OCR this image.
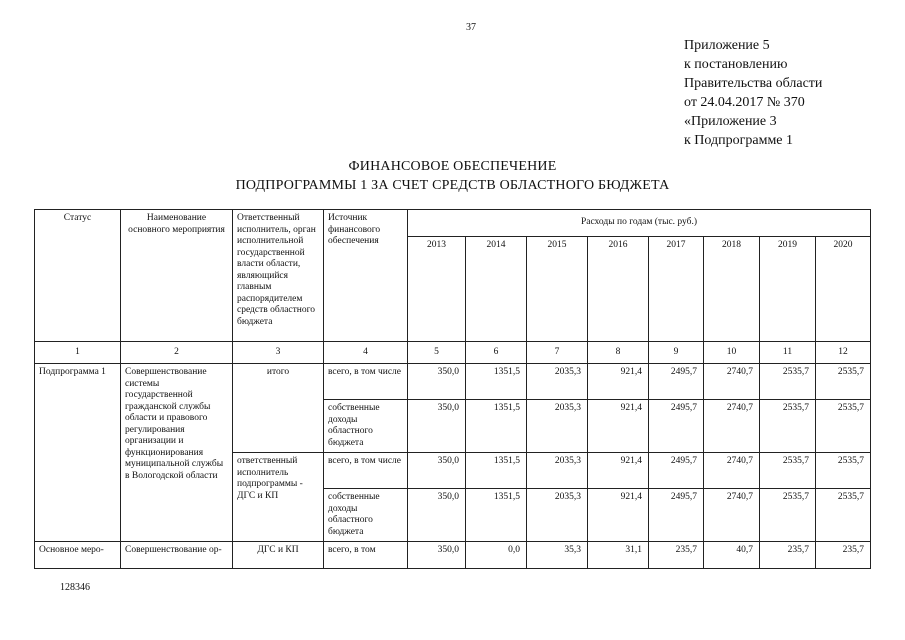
37
Приложение 5
к постановлению
Правительства области
от 24.04.2017 № 370
«Приложение 3
к Подпрограмме 1
ФИНАНСОВОЕ ОБЕСПЕЧЕНИЕ
ПОДПРОГРАММЫ 1 ЗА СЧЕТ СРЕДСТВ ОБЛАСТНОГО БЮДЖЕТА
Статус	Наименование основного мероприятия	Ответственный исполнитель, орган исполнительной государственной власти области, являющийся главным распорядителем средств областного бюджета	Источник финансового обеспечения	Расходы по годам (тыс. руб.)							
				2013	2014	2015	2016	2017	2018	2019	2020
1	2	3	4	5	6	7	8	9	10	11	12
Подпрограмма 1	Совершенствование системы государственной гражданской службы области и правового регулирования организации и функционирования муниципальной службы в Вологодской области	итого	всего, в том числе	350,0	1351,5	2035,3	921,4	2495,7	2740,7	2535,7	2535,7
			собственные доходы областного бюджета	350,0	1351,5	2035,3	921,4	2495,7	2740,7	2535,7	2535,7
		ответственный исполнитель подпрограммы - ДГС и КП	всего, в том числе	350,0	1351,5	2035,3	921,4	2495,7	2740,7	2535,7	2535,7
			собственные доходы областного бюджета	350,0	1351,5	2035,3	921,4	2495,7	2740,7	2535,7	2535,7
Основное меро-	Совершенствование ор-	ДГС и КП	всего, в том	350,0	0,0	35,3	31,1	235,7	40,7	235,7	235,7
128346
